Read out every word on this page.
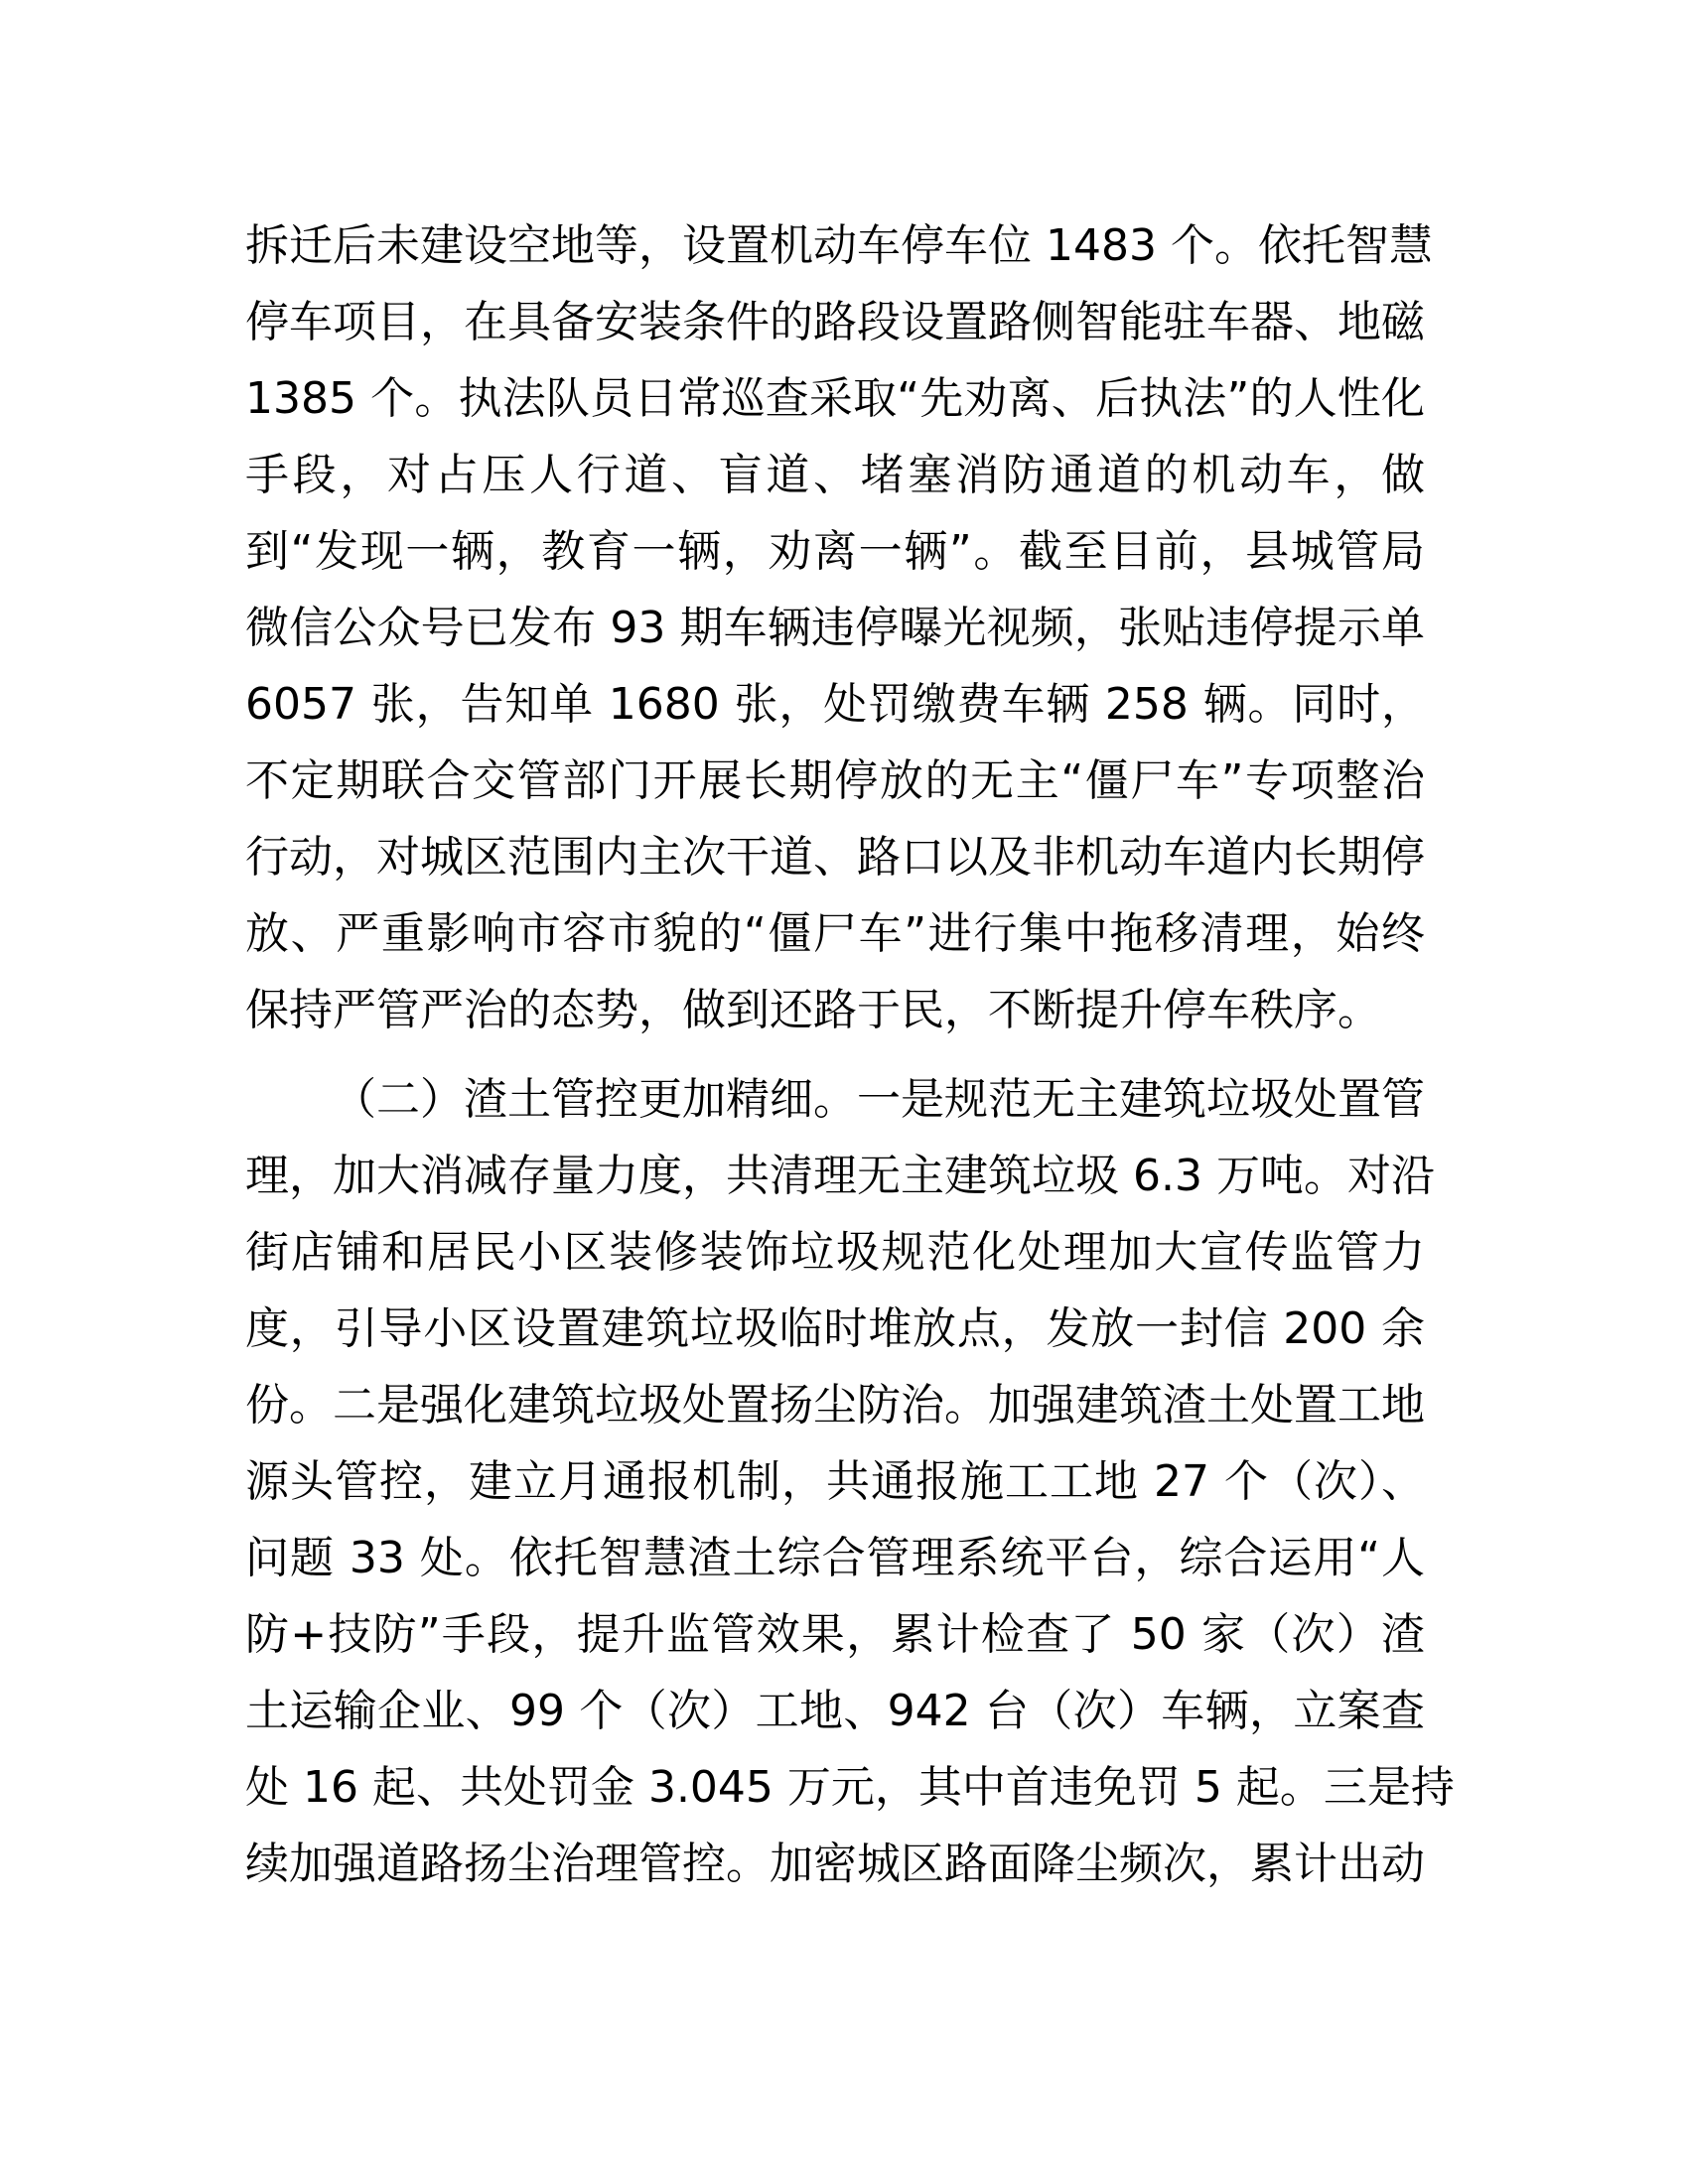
拆迁后未建设空地等，设置机动车停车位 1483 个。依托智慧
停车项目，在具备安装条件的路段设置路侧智能驻车器、地磁
1385 个。执法队员日常巡查采取“先劝离、后执法”的人性化
手段，对占压人行道、盲道、堵塞消防通道的机动车，做
到“发现一辆，教育一辆，劝离一辆”。截至目前，县城管局
微信公众号已发布 93 期车辆违停曝光视频，张贴违停提示单
6057 张，告知单 1680 张，处罚缴费车辆 258 辆。同时，
不定期联合交管部门开展长期停放的无主“僵尸车”专项整治
行动，对城区范围内主次干道、路口以及非机动车道内长期停
放、严重影响市容市貌的“僵尸车”进行集中拖移清理，始终
保持严管严治的态势，做到还路于民，不断提升停车秩序。
（二）渣土管控更加精细。一是规范无主建筑垃圾处置管
理，加大消减存量力度，共清理无主建筑垃圾 6.3 万吨。对沿
街店铺和居民小区装修装饰垃圾规范化处理加大宣传监管力
度，引导小区设置建筑垃圾临时堆放点，发放一封信 200 余
份。二是强化建筑垃圾处置扬尘防治。加强建筑渣土处置工地
源头管控，建立月通报机制，共通报施工工地 27 个（次）、
问题 33 处。依托智慧渣土综合管理系统平台，综合运用“人
防+技防”手段，提升监管效果，累计检查了 50 家（次）渣
土运输企业、99 个（次）工地、942 台（次）车辆，立案查
处 16 起、共处罚金 3.045 万元，其中首违免罚 5 起。三是持
续加强道路扬尘治理管控。加密城区路面降尘频次，累计出动
